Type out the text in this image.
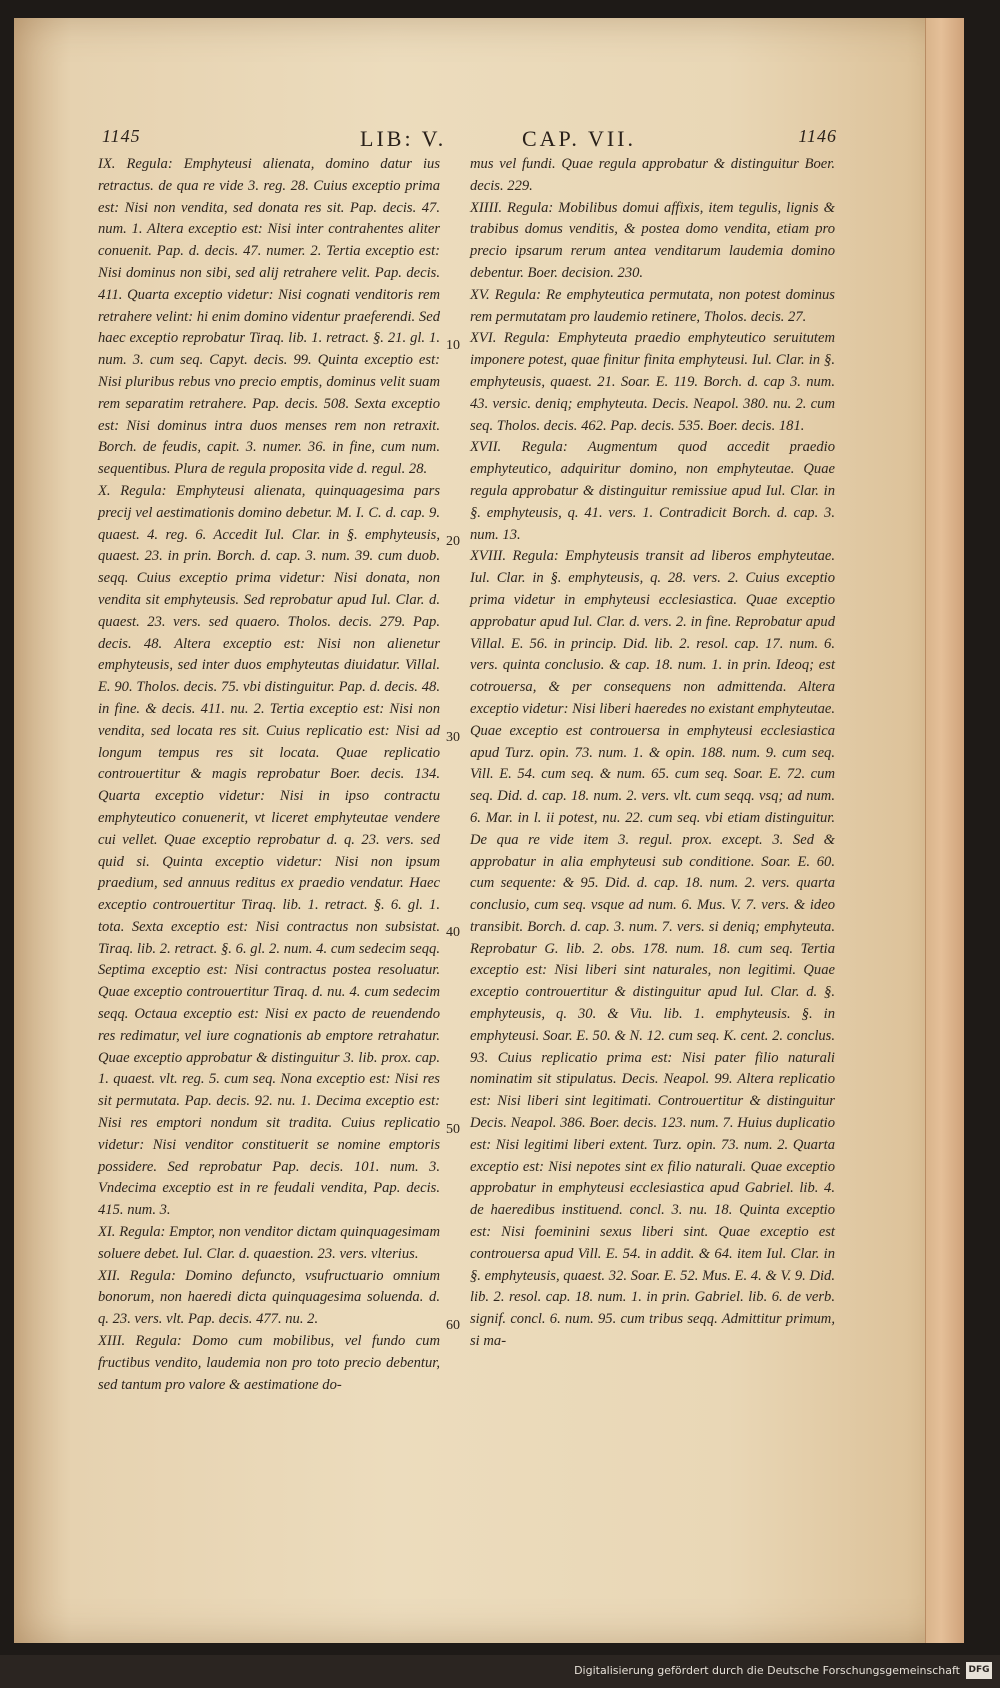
1145	LIB: V.	CAP. VII.	1146

IX. Regula: Emphyteusi alienata, domino datur ius retractus. de qua re vide 3. reg. 28. Cuius exceptio prima est: Nisi non vendita, sed donata res sit. Pap. decis. 47. num. 1. Altera exceptio est: Nisi inter contrahentes aliter conuenit. Pap. d. decis. 47. numer. 2. Tertia exceptio est: Nisi dominus non sibi, sed alij retrahere velit. Pap. decis. 411. Quarta exceptio videtur: Nisi cognati venditoris rem retrahere velint: hi enim domino videntur praeferendi. Sed haec exceptio reprobatur Tiraq. lib. 1. retract. §. 21. gl. 1. num. 3. cum seq. Capyt. decis. 99. Quinta exceptio est: Nisi pluribus rebus vno precio emptis, dominus velit suam rem separatim retrahere. Pap. decis. 508. Sexta exceptio est: Nisi dominus intra duos menses rem non retraxit. Borch. de feudis, capit. 3. numer. 36. in fine, cum num. sequentibus. Plura de regula proposita vide d. regul. 28.

X. Regula: Emphyteusi alienata, quinquagesima pars precij vel aestimationis domino debetur. M. I. C. d. cap. 9. quaest. 4. reg. 6. Accedit Iul. Clar. in §. emphyteusis, quaest. 23. in prin. Borch. d. cap. 3. num. 39. cum duob. seqq. Cuius exceptio prima videtur: Nisi donata, non vendita sit emphyteusis. Sed reprobatur apud Iul. Clar. d. quaest. 23. vers. sed quaero. Tholos. decis. 279. Pap. decis. 48. Altera exceptio est: Nisi non alienetur emphyteusis, sed inter duos emphyteutas diuidatur. Villal. E. 90. Tholos. decis. 75. vbi distinguitur. Pap. d. decis. 48. in fine. & decis. 411. nu. 2. Tertia exceptio est: Nisi non vendita, sed locata res sit. Cuius replicatio est: Nisi ad longum tempus res sit locata. Quae replicatio controuertitur & magis reprobatur Boer. decis. 134. Quarta exceptio videtur: Nisi in ipso contractu emphyteutico conuenerit, vt liceret emphyteutae vendere cui vellet. Quae exceptio reprobatur d. q. 23. vers. sed quid si. Quinta exceptio videtur: Nisi non ipsum praedium, sed annuus reditus ex praedio vendatur. Haec exceptio controuertitur Tiraq. lib. 1. retract. §. 6. gl. 1. tota. Sexta exceptio est: Nisi contractus non subsistat. Tiraq. lib. 2. retract. §. 6. gl. 2. num. 4. cum sedecim seqq. Septima exceptio est: Nisi contractus postea resoluatur. Quae exceptio controuertitur Tiraq. d. nu. 4. cum sedecim seqq. Octaua exceptio est: Nisi ex pacto de reuendendo res redimatur, vel iure cognationis ab emptore retrahatur. Quae exceptio approbatur & distinguitur 3. lib. prox. cap. 1. quaest. vlt. reg. 5. cum seq. Nona exceptio est: Nisi res sit permutata. Pap. decis. 92. nu. 1. Decima exceptio est: Nisi res emptori nondum sit tradita. Cuius replicatio videtur: Nisi venditor constituerit se nomine emptoris possidere. Sed reprobatur Pap. decis. 101. num. 3. Vndecima exceptio est in re feudali vendita, Pap. decis. 415. num. 3.

XI. Regula: Emptor, non venditor dictam quinquagesimam soluere debet. Iul. Clar. d. quaestion. 23. vers. vlterius.

XII. Regula: Domino defuncto, vsufructuario omnium bonorum, non haeredi dicta quinquagesima soluenda. d. q. 23. vers. vlt. Pap. decis. 477. nu. 2.

XIII. Regula: Domo cum mobilibus, vel fundo cum fructibus vendito, laudemia non pro toto precio debentur, sed tantum pro valore & aestimatione do-

10
20
30
40
50
60

mus vel fundi. Quae regula approbatur & distinguitur Boer. decis. 229.

XIIII. Regula: Mobilibus domui affixis, item tegulis, lignis & trabibus domus venditis, & postea domo vendita, etiam pro precio ipsarum rerum antea venditarum laudemia domino debentur. Boer. decision. 230.

XV. Regula: Re emphyteutica permutata, non potest dominus rem permutatam pro laudemio retinere, Tholos. decis. 27.

XVI. Regula: Emphyteuta praedio emphyteutico seruitutem imponere potest, quae finitur finita emphyteusi. Iul. Clar. in §. emphyteusis, quaest. 21. Soar. E. 119. Borch. d. cap 3. num. 43. versic. deniq; emphyteuta. Decis. Neapol. 380. nu. 2. cum seq. Tholos. decis. 462. Pap. decis. 535. Boer. decis. 181.

XVII. Regula: Augmentum quod accedit praedio emphyteutico, adquiritur domino, non emphyteutae. Quae regula approbatur & distinguitur remissiue apud Iul. Clar. in §. emphyteusis, q. 41. vers. 1. Contradicit Borch. d. cap. 3. num. 13.

XVIII. Regula: Emphyteusis transit ad liberos emphyteutae. Iul. Clar. in §. emphyteusis, q. 28. vers. 2. Cuius exceptio prima videtur in emphyteusi ecclesiastica. Quae exceptio approbatur apud Iul. Clar. d. vers. 2. in fine. Reprobatur apud Villal. E. 56. in princip. Did. lib. 2. resol. cap. 17. num. 6. vers. quinta conclusio. & cap. 18. num. 1. in prin. Ideoq; est cotrouersa, & per consequens non admittenda. Altera exceptio videtur: Nisi liberi haeredes no existant emphyteutae. Quae exceptio est controuersa in emphyteusi ecclesiastica apud Turz. opin. 73. num. 1. & opin. 188. num. 9. cum seq. Vill. E. 54. cum seq. & num. 65. cum seq. Soar. E. 72. cum seq. Did. d. cap. 18. num. 2. vers. vlt. cum seqq. vsq; ad num. 6. Mar. in l. ii potest, nu. 22. cum seq. vbi etiam distinguitur. De qua re vide item 3. regul. prox. except. 3. Sed & approbatur in alia emphyteusi sub conditione. Soar. E. 60. cum sequente: & 95. Did. d. cap. 18. num. 2. vers. quarta conclusio, cum seq. vsque ad num. 6. Mus. V. 7. vers. & ideo transibit. Borch. d. cap. 3. num. 7. vers. si deniq; emphyteuta. Reprobatur G. lib. 2. obs. 178. num. 18. cum seq. Tertia exceptio est: Nisi liberi sint naturales, non legitimi. Quae exceptio controuertitur & distinguitur apud Iul. Clar. d. §. emphyteusis, q. 30. & Viu. lib. 1. emphyteusis. §. in emphyteusi. Soar. E. 50. & N. 12. cum seq. K. cent. 2. conclus. 93. Cuius replicatio prima est: Nisi pater filio naturali nominatim sit stipulatus. Decis. Neapol. 99. Altera replicatio est: Nisi liberi sint legitimati. Controuertitur & distinguitur Decis. Neapol. 386. Boer. decis. 123. num. 7. Huius duplicatio est: Nisi legitimi liberi extent. Turz. opin. 73. num. 2. Quarta exceptio est: Nisi nepotes sint ex filio naturali. Quae exceptio approbatur in emphyteusi ecclesiastica apud Gabriel. lib. 4. de haeredibus instituend. concl. 3. nu. 18. Quinta exceptio est: Nisi foeminini sexus liberi sint. Quae exceptio est controuersa apud Vill. E. 54. in addit. & 64. item Iul. Clar. in §. emphyteusis, quaest. 32. Soar. E. 52. Mus. E. 4. & V. 9. Did. lib. 2. resol. cap. 18. num. 1. in prin. Gabriel. lib. 6. de verb. signif. concl. 6. num. 95. cum tribus seqq. Admittitur primum, si ma-

Digitalisierung gefördert durch die Deutsche Forschungsgemeinschaft DFG
